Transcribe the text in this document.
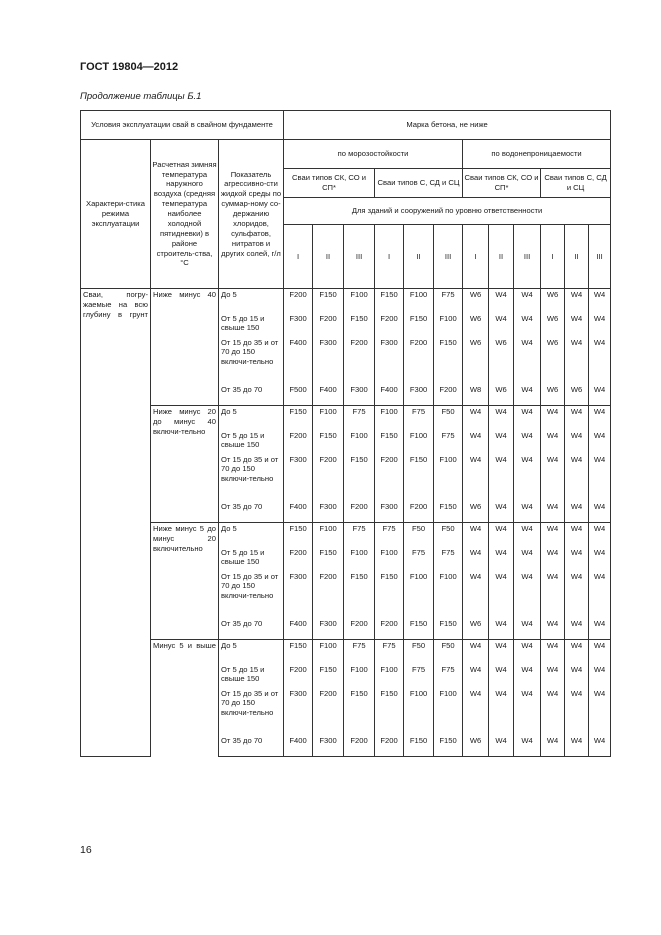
ГОСТ 19804—2012
Продолжение таблицы Б.1
Условия эксплуатации свай в свайном фундаменте			Марка бетона, не ниже											
Характери-стика режима эксплуатации	Расчетная зимняя температура наружного воздуха (средняя температура наиболее холодной пятидневки) в районе строитель-ства, °С	Показатель агрессивно-сти жидкой среды по суммар-ному со-держанию хлоридов, сульфатов, нитратов и других солей, г/л	по морозостойкости						по водонепроницаемости					
			Сваи типов СК, СО и СП*			Сваи типов С, СД и СЦ			Сваи типов СК, СО и СП*			Сваи типов С, СД и СЦ		
			Для зданий и сооружений по уровню ответственности											
			I	II	III	I	II	III	I	II	III	I	II	III
Сваи, погру-жаемые на всю глубину в грунт	Ниже минус 40	До 5	F200	F150	F100	F150	F100	F75	W6	W4	W4	W6	W4	W4
		От 5 до 15 и свыше 150	F300	F200	F150	F200	F150	F100	W6	W4	W4	W6	W4	W4
		От 15 до 35 и от 70 до 150 включи-тельно	F400	F300	F200	F300	F200	F150	W6	W6	W4	W6	W4	W4
		От 35 до 70	F500	F400	F300	F400	F300	F200	W8	W6	W4	W6	W6	W4
	Ниже минус 20 до минус 40 включи-тельно	До 5	F150	F100	F75	F100	F75	F50	W4	W4	W4	W4	W4	W4
		От 5 до 15 и свыше 150	F200	F150	F100	F150	F100	F75	W4	W4	W4	W4	W4	W4
		От 15 до 35 и от 70 до 150 включи-тельно	F300	F200	F150	F200	F150	F100	W4	W4	W4	W4	W4	W4
		От 35 до 70	F400	F300	F200	F300	F200	F150	W6	W4	W4	W4	W4	W4
	Ниже минус 5 до минус 20 включительно	До 5	F150	F100	F75	F75	F50	F50	W4	W4	W4	W4	W4	W4
		От 5 до 15 и свыше 150	F200	F150	F100	F100	F75	F75	W4	W4	W4	W4	W4	W4
		От 15 до 35 и от 70 до 150 включи-тельно	F300	F200	F150	F150	F100	F100	W4	W4	W4	W4	W4	W4
		От 35 до 70	F400	F300	F200	F200	F150	F150	W6	W4	W4	W4	W4	W4
	Минус 5 и выше	До 5	F150	F100	F75	F75	F50	F50	W4	W4	W4	W4	W4	W4
		От 5 до 15 и свыше 150	F200	F150	F100	F100	F75	F75	W4	W4	W4	W4	W4	W4
		От 15 до 35 и от 70 до 150 включи-тельно	F300	F200	F150	F150	F100	F100	W4	W4	W4	W4	W4	W4
		От 35 до 70	F400	F300	F200	F200	F150	F150	W6	W4	W4	W4	W4	W4
16
